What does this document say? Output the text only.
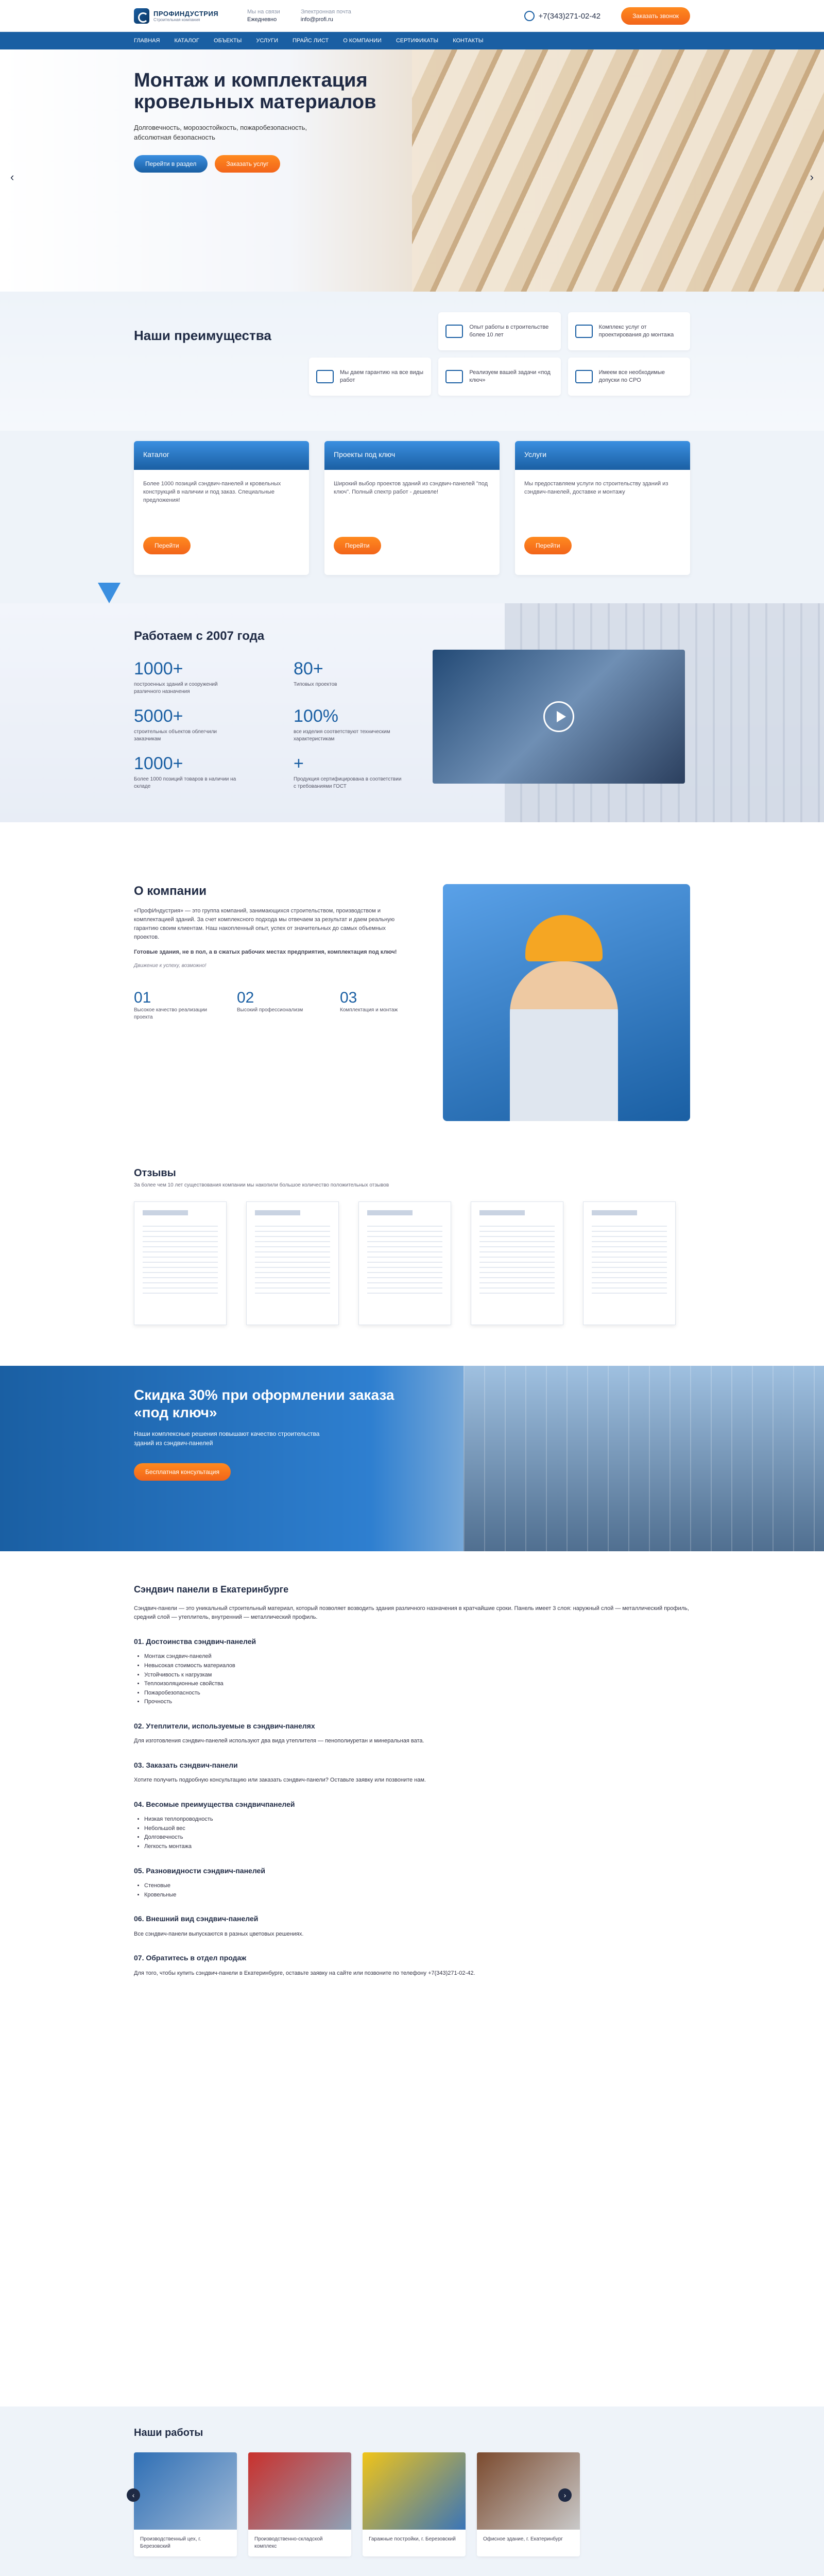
ПРОФИНДУСТРИЯ
Строительная компания
Мы на связи
Ежедневно
Электронная почта
info@profi.ru	+7(343)271-02-42	Заказать звонок
ГЛАВНАЯ	КАТАЛОГ	ОБЪЕКТЫ	УСЛУГИ	ПРАЙС ЛИСТ	О КОМПАНИИ	СЕРТИФИКАТЫ	КОНТАКТЫ
‹	›
Монтаж и комплектация кровельных материалов

Долговечность, морозостойкость, пожаробезопасность, абсолютная безопасность

Перейти в раздел	Заказать услуг
Наши преимущества
Опыт работы в строительстве более 10 лет
Комплекс услуг от проектирования до монтажа
Мы даем гарантию на все виды работ
Реализуем вашей задачи «под ключ»
Имеем все необходимые допуски по СРО
Каталог
Более 1000 позиций сэндвич-панелей и кровельных конструкций в наличии и под заказ. Специальные предложения!
Перейти
Проекты под ключ
Широкий выбор проектов зданий из сэндвич-панелей "под ключ". Полный спектр работ - дешевле!
Перейти
Услуги
Мы предоставляем услуги по строительству зданий из сэндвич-панелей, доставке и монтажу
Перейти
Работаем с 2007 года
1000+
построенных зданий и сооружений различного назначения
80+
Типовых проектов
5000+
строительных объектов облегчили заказчикам
100%
все изделия соответствуют техническим характеристикам
1000+
Более 1000 позиций товаров в наличии на складе
+
Продукция сертифицирована в соответствии с требованиями ГОСТ
О компании

«ПрофИндустрия» — это группа компаний, занимающихся строительством, производством и комплектацией зданий. За счет комплексного подхода мы отвечаем за результат и даем реальную гарантию своим клиентам. Наш накопленный опыт, успех от значительных до самых объемных проектов.

Готовые здания, не в пол, а в сжатых рабочих местах предприятия, комплектация под ключ!

Движение к успеху, возможно!
01
Высокое качество реализации проекта
02
Высокий профессионализм
03
Комплектация и монтаж
Отзывы

За более чем 10 лет существования компании мы накопили большое количество положительных отзывов

Скидка 30% при оформлении заказа «под ключ»

Наши комплексные решения повышают качество строительства зданий из сэндвич-панелей

Бесплатная консультация
Сэндвич панели в Екатеринбурге

Сэндвич-панели — это уникальный строительный материал, который позволяет возводить здания различного назначения в кратчайшие сроки. Панель имеет 3 слоя: наружный слой — металлический профиль, средний слой — утеплитель, внутренний — металлический профиль.

01. Достоинства сэндвич-панелей
• Монтаж сэндвич-панелей
• Невысокая стоимость материалов
• Устойчивость к нагрузкам
• Теплоизоляционные свойства
• Пожаробезопасность
• Прочность
02. Утеплители, используемые в сэндвич-панелях

Для изготовления сэндвич-панелей используют два вида утеплителя — пенополиуретан и минеральная вата.

03. Заказать сэндвич-панели

Хотите получить подробную консультацию или заказать сэндвич-панели? Оставьте заявку или позвоните нам.

04. Весомые преимущества сэндвичпанелей
• Низкая теплопроводность
• Небольшой вес
• Долговечность
• Легкость монтажа
05. Разновидности сэндвич-панелей
• Стеновые
• Кровельные
06. Внешний вид сэндвич-панелей

Все сэндвич-панели выпускаются в разных цветовых решениях.

07. Обратитесь в отдел продаж

Для того, чтобы купить сэндвич-панели в Екатеринбурге, оставьте заявку на сайте или позвоните по телефону +7(343)271-02-42.

Наши работы
‹
Производственный цех, г. Березовский
Производственно-складской комплекс
Гаражные постройки, г. Березовский	Офисное здание, г. Екатеринбург
›
